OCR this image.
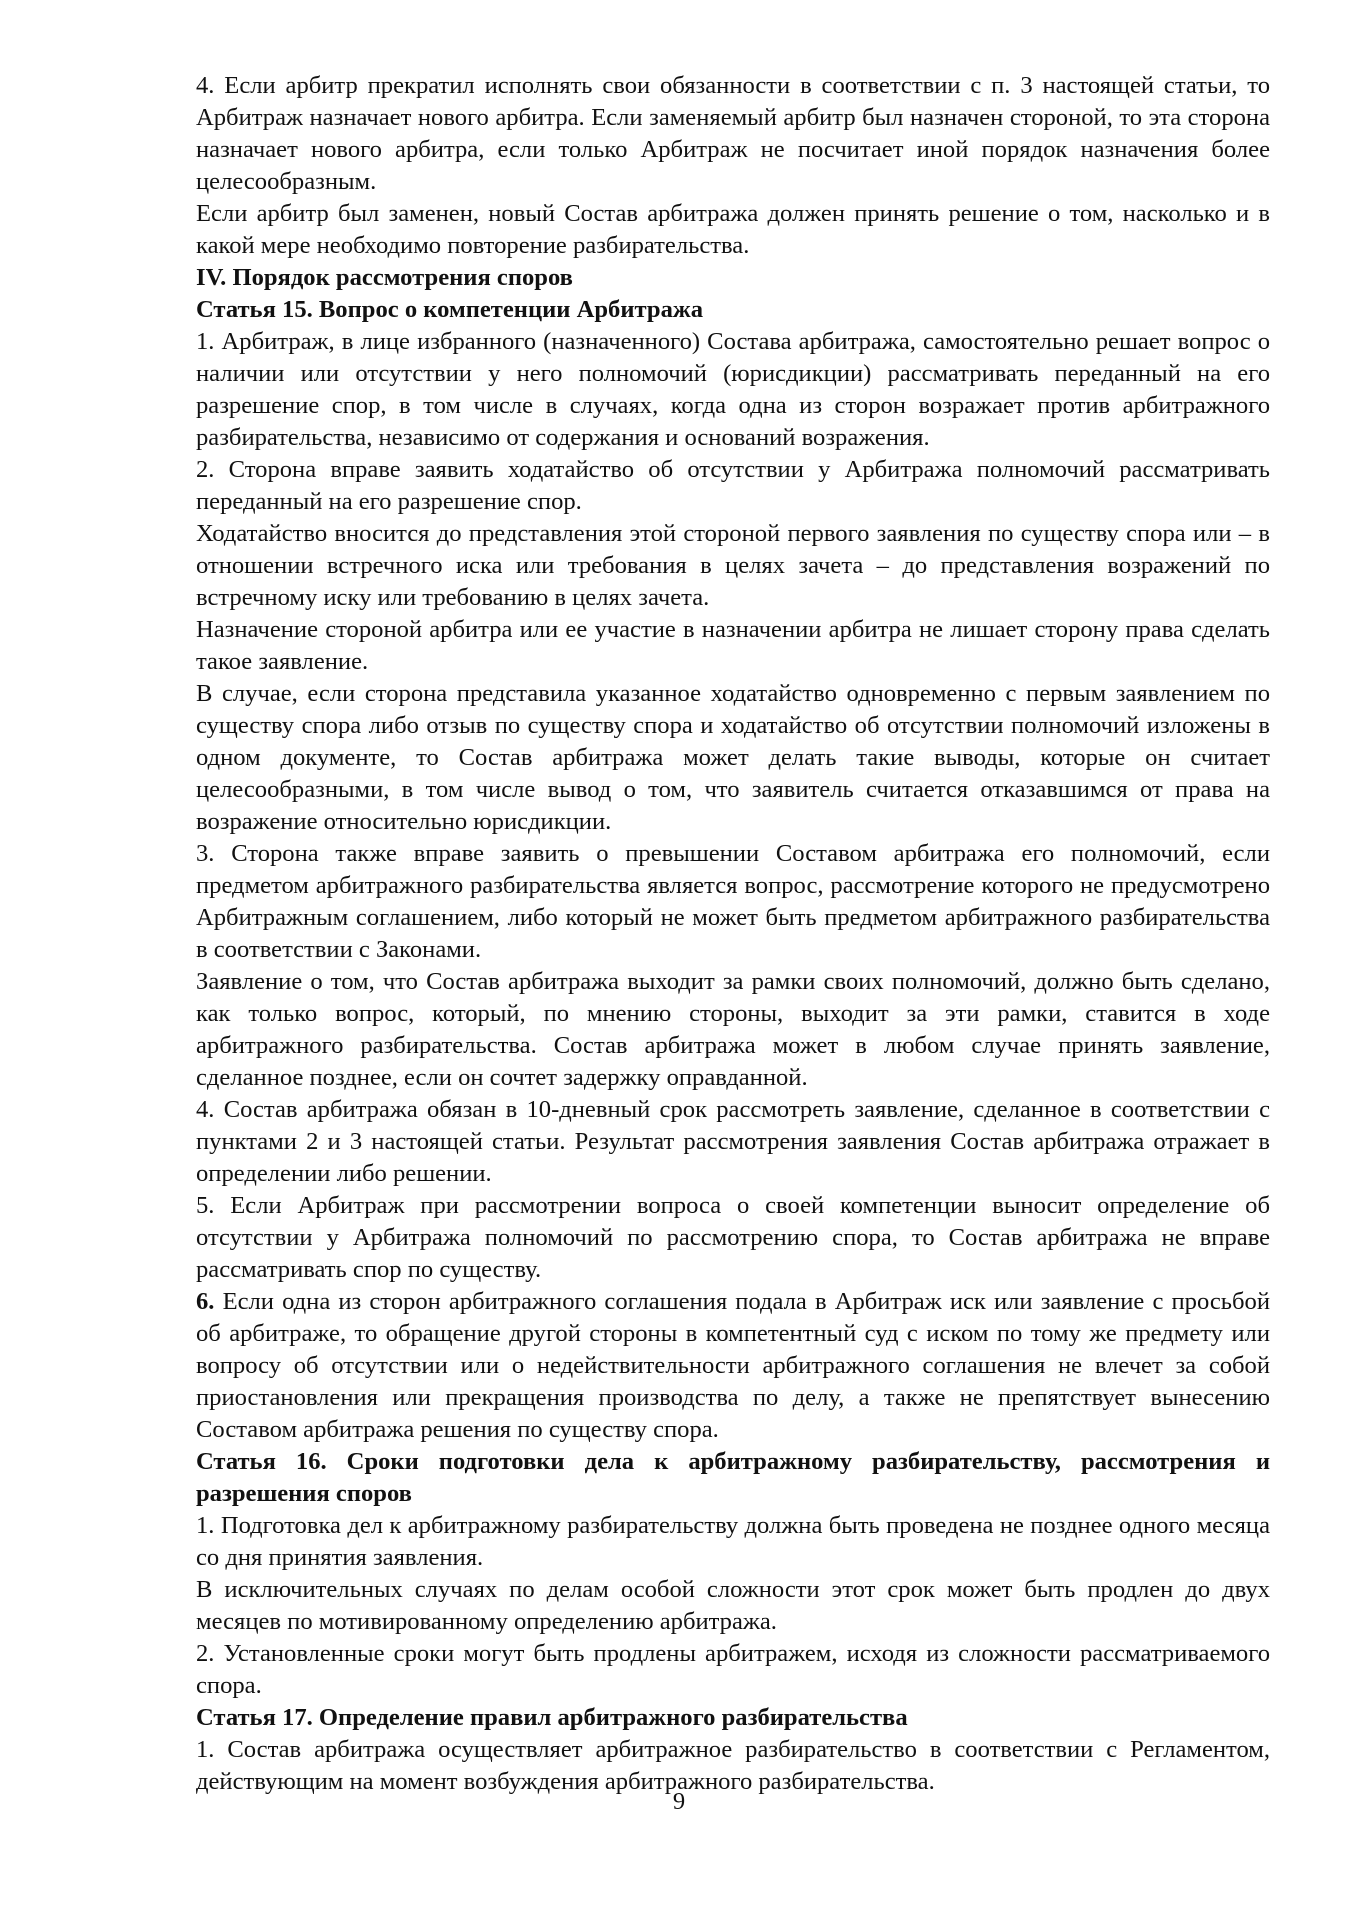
4. Если арбитр прекратил исполнять свои обязанности в соответствии с п. 3 настоящей статьи, то Арбитраж назначает нового арбитра. Если заменяемый арбитр был назначен стороной, то эта сторона назначает нового арбитра, если только Арбитраж не посчитает иной порядок назначения более целесообразным.

Если арбитр был заменен, новый Состав арбитража должен принять решение о том, насколько и в какой мере необходимо повторение разбирательства.

IV. Порядок рассмотрения споров
Статья 15. Вопрос о компетенции Арбитража

1. Арбитраж, в лице избранного (назначенного) Состава арбитража, самостоятельно решает вопрос о наличии или отсутствии у него полномочий (юрисдикции) рассматривать переданный на его разрешение спор, в том числе в случаях, когда одна из сторон возражает против арбитражного разбирательства, независимо от содержания и оснований возражения.

2. Сторона вправе заявить ходатайство об отсутствии у Арбитража полномочий рассматривать переданный на его разрешение спор.

Ходатайство вносится до представления этой стороной первого заявления по существу спора или – в отношении встречного иска или требования в целях зачета – до представления возражений по встречному иску или требованию в целях зачета.

Назначение стороной арбитра или ее участие в назначении арбитра не лишает сторону права сделать такое заявление.

В случае, если сторона представила указанное ходатайство одновременно с первым заявлением по существу спора либо отзыв по существу спора и ходатайство об отсутствии полномочий изложены в одном документе, то Состав арбитража может делать такие выводы, которые он считает целесообразными, в том числе вывод о том, что заявитель считается отказавшимся от права на возражение относительно юрисдикции.

3. Сторона также вправе заявить о превышении Составом арбитража его полномочий, если предметом арбитражного разбирательства является вопрос, рассмотрение которого не предусмотрено Арбитражным соглашением, либо который не может быть предметом арбитражного разбирательства в соответствии с Законами.

Заявление о том, что Состав арбитража выходит за рамки своих полномочий, должно быть сделано, как только вопрос, который, по мнению стороны, выходит за эти рамки, ставится в ходе арбитражного разбирательства. Состав арбитража может в любом случае принять заявление, сделанное позднее, если он сочтет задержку оправданной.

4. Состав арбитража обязан в 10-дневный срок рассмотреть заявление, сделанное в соответствии с пунктами 2 и 3 настоящей статьи. Результат рассмотрения заявления Состав арбитража отражает в определении либо решении.

5. Если Арбитраж при рассмотрении вопроса о своей компетенции выносит определение об отсутствии у Арбитража полномочий по рассмотрению спора, то Состав арбитража не вправе рассматривать спор по существу.

6. Если одна из сторон арбитражного соглашения подала в Арбитраж иск или заявление с просьбой об арбитраже, то обращение другой стороны в компетентный суд с иском по тому же предмету или вопросу об отсутствии или о недействительности арбитражного соглашения не влечет за собой приостановления или прекращения производства по делу, а также не препятствует вынесению Составом арбитража решения по существу спора.

Статья 16. Сроки подготовки дела к арбитражному разбирательству, рассмотрения и разрешения споров

1. Подготовка дел к арбитражному разбирательству должна быть проведена не позднее одного месяца со дня принятия заявления.

В исключительных случаях по делам особой сложности этот срок может быть продлен до двух месяцев по мотивированному определению арбитража.

2. Установленные сроки могут быть продлены арбитражем, исходя из сложности рассматриваемого спора.

Статья 17. Определение правил арбитражного разбирательства

1. Состав арбитража осуществляет арбитражное разбирательство в соответствии с Регламентом, действующим на момент возбуждения арбитражного разбирательства.

9
